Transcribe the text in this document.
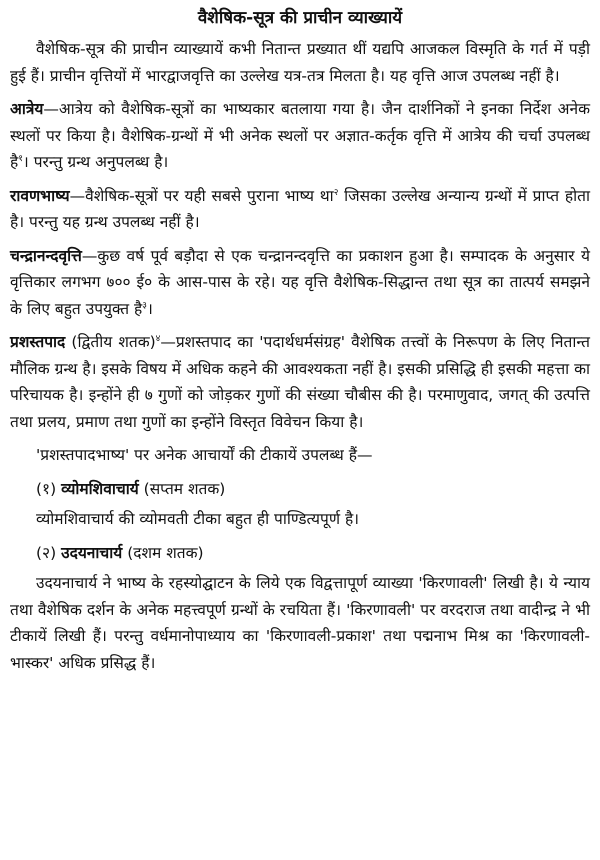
वैशेषिक-सूत्र की प्राचीन व्याख्यायें

वैशेषिक-सूत्र की प्राचीन व्याख्यायें कभी नितान्त प्रख्यात थीं यद्यपि आजकल विस्मृति के गर्त में पड़ी हुई हैं। प्राचीन वृत्तियों में भारद्वाजवृत्ति का उल्लेख यत्र-तत्र मिलता है। यह वृत्ति आज उपलब्ध नहीं है।

आत्रेय—आत्रेय को वैशेषिक-सूत्रों का भाष्यकार बतलाया गया है। जैन दार्शनिकों ने इनका निर्देश अनेक स्थलों पर किया है। वैशेषिक-ग्रन्थों में भी अनेक स्थलों पर अज्ञात-कर्तृक वृत्ति में आत्रेय की चर्चा उपलब्ध है$^१$। परन्तु ग्रन्थ अनुपलब्ध है।

रावणभाष्य—वैशेषिक-सूत्रों पर यही सबसे पुराना भाष्य था$^२$ जिसका उल्लेख अन्यान्य ग्रन्थों में प्राप्त होता है। परन्तु यह ग्रन्थ उपलब्ध नहीं है।

चन्द्रानन्दवृत्ति—कुछ वर्ष पूर्व बड़ौदा से एक चन्द्रानन्दवृत्ति का प्रकाशन हुआ है। सम्पादक के अनुसार ये वृत्तिकार लगभग ७०० ई० के आस-पास के रहे। यह वृत्ति वैशेषिक-सिद्धान्त तथा सूत्र का तात्पर्य समझने के लिए बहुत उपयुक्त है$^३$।

प्रशस्तपाद (द्वितीय शतक)$^४$—प्रशस्तपाद का 'पदार्थधर्मसंग्रह' वैशेषिक तत्त्वों के निरूपण के लिए नितान्त मौलिक ग्रन्थ है। इसके विषय में अधिक कहने की आवश्यकता नहीं है। इसकी प्रसिद्धि ही इसकी महत्ता का परिचायक है। इन्होंने ही ७ गुणों को जोड़कर गुणों की संख्या चौबीस की है। परमाणुवाद, जगत् की उत्पत्ति तथा प्रलय, प्रमाण तथा गुणों का इन्होंने विस्तृत विवेचन किया है।

'प्रशस्तपादभाष्य' पर अनेक आचार्यों की टीकायें उपलब्ध हैं—

(१) व्योमशिवाचार्य (सप्तम शतक)

व्योमशिवाचार्य की व्योमवती टीका बहुत ही पाण्डित्यपूर्ण है।

(२) उदयनाचार्य (दशम शतक)

उदयनाचार्य ने भाष्य के रहस्योद्घाटन के लिये एक विद्वत्तापूर्ण व्याख्या 'किरणावली' लिखी है। ये न्याय तथा वैशेषिक दर्शन के अनेक महत्त्वपूर्ण ग्रन्थों के रचयिता हैं। 'किरणावली' पर वरदराज तथा वादीन्द्र ने भी टीकायें लिखी हैं। परन्तु वर्धमानोपाध्याय का 'किरणावली-प्रकाश' तथा पद्मनाभ मिश्र का 'किरणावली-भास्कर' अधिक प्रसिद्ध हैं।
